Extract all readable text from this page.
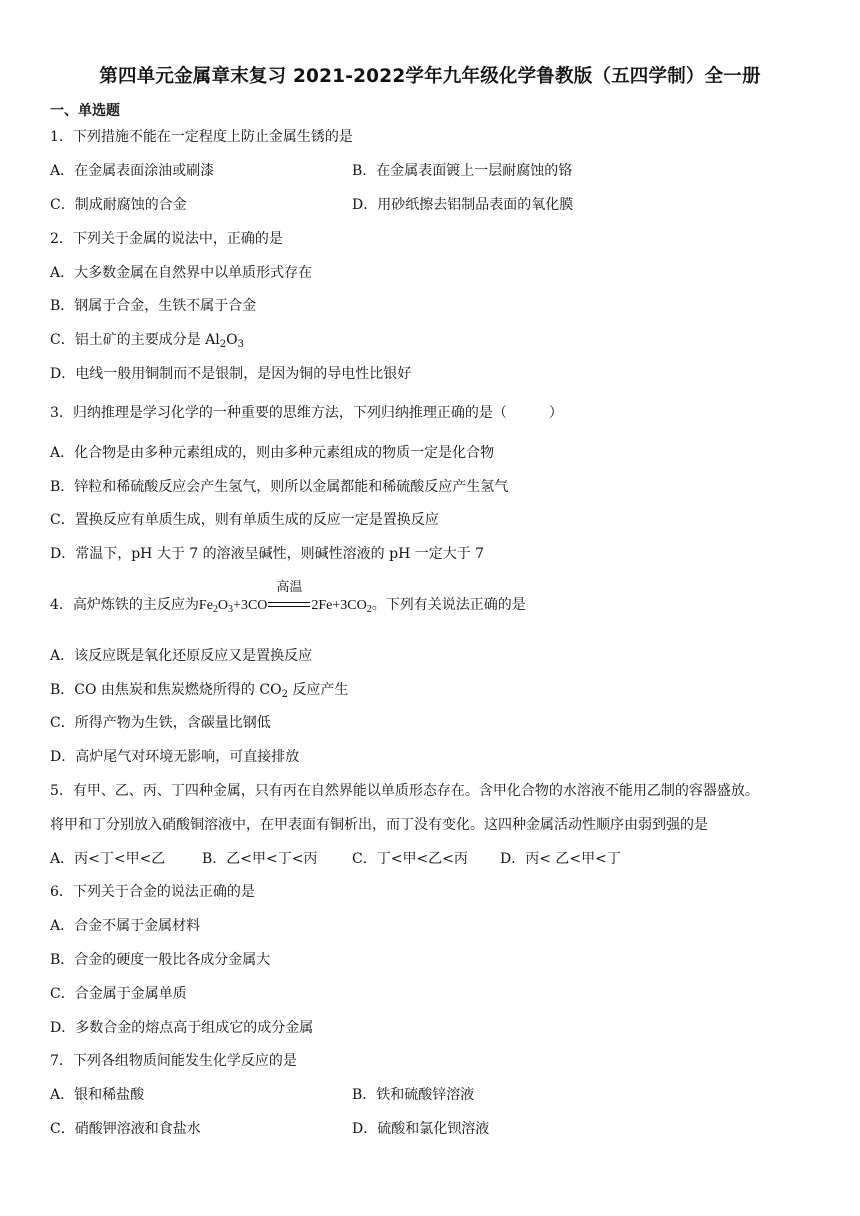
第四单元金属章末复习 2021-2022学年九年级化学鲁教版（五四学制）全一册
一、单选题
1．下列措施不能在一定程度上防止金属生锈的是
A．在金属表面涂油或刷漆	B．在金属表面镀上一层耐腐蚀的铬
C．制成耐腐蚀的合金	D．用砂纸擦去铝制品表面的氧化膜
2．下列关于金属的说法中，正确的是
A．大多数金属在自然界中以单质形式存在
B．钢属于合金，生铁不属于合金
C．铝土矿的主要成分是 $Al_2O_3$
D．电线一般用铜制而不是银制，是因为铜的导电性比银好
3．归纳推理是学习化学的一种重要的思维方法，下列归纳推理正确的是（　　　）
A．化合物是由多种元素组成的，则由多种元素组成的物质一定是化合物
B．锌粒和稀硫酸反应会产生氢气，则所以金属都能和稀硫酸反应产生氢气
C．置换反应有单质生成，则有单质生成的反应一定是置换反应
D．常温下，pH 大于 7 的溶液呈碱性，则碱性溶液的 pH 一定大于 7
4．高炉炼铁的主反应为$Fe_2O_3+3CO$
高温
$2Fe+3CO_2$。下列有关说法正确的是
A．该反应既是氧化还原反应又是置换反应
B．CO 由焦炭和焦炭燃烧所得的 $CO_2$ 反应产生
C．所得产物为生铁，含碳量比钢低
D．高炉尾气对环境无影响，可直接排放
5．有甲、乙、丙、丁四种金属，只有丙在自然界能以单质形态存在。含甲化合物的水溶液不能用乙制的容器盛放。
将甲和丁分别放入硝酸铜溶液中，在甲表面有铜析出，而丁没有变化。这四种金属活动性顺序由弱到强的是
A．丙<丁<甲<乙	B．乙<甲<丁<丙 C．丁<甲<乙<丙 D．丙< 乙<甲<丁
6．下列关于合金的说法正确的是
A．合金不属于金属材料
B．合金的硬度一般比各成分金属大
C．合金属于金属单质
D．多数合金的熔点高于组成它的成分金属
7．下列各组物质间能发生化学反应的是
A．银和稀盐酸	B．铁和硫酸锌溶液
C．硝酸钾溶液和食盐水	D．硫酸和氯化钡溶液
